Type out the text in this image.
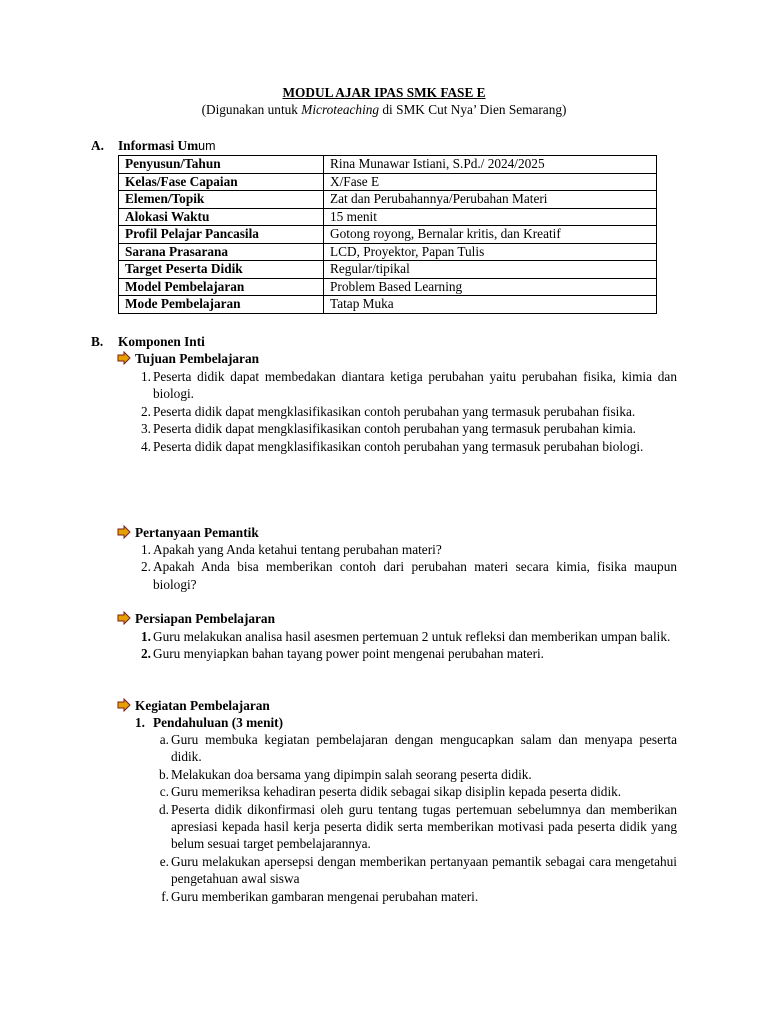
MODUL AJAR IPAS SMK FASE E
(Digunakan untuk Microteaching di SMK Cut Nya’ Dien Semarang)
A. Informasi Umum
Penyusun/Tahun	Rina Munawar Istiani, S.Pd./ 2024/2025
Kelas/Fase Capaian	X/Fase E
Elemen/Topik	Zat dan Perubahannya/Perubahan Materi
Alokasi Waktu	15 menit
Profil Pelajar Pancasila	Gotong royong, Bernalar kritis, dan Kreatif
Sarana Prasarana	LCD, Proyektor, Papan Tulis
Target Peserta Didik	Regular/tipikal
Model Pembelajaran	Problem Based Learning
Mode Pembelajaran	Tatap Muka
B. Komponen Inti
Tujuan Pembelajaran
1. Peserta didik dapat membedakan diantara ketiga perubahan yaitu perubahan fisika, kimia dan biologi.
2. Peserta didik dapat mengklasifikasikan contoh perubahan yang termasuk perubahan fisika.
3. Peserta didik dapat mengklasifikasikan contoh perubahan yang termasuk perubahan kimia.
4. Peserta didik dapat mengklasifikasikan contoh perubahan yang termasuk perubahan biologi.
Pertanyaan Pemantik
1. Apakah yang Anda ketahui tentang perubahan materi?
2. Apakah Anda bisa memberikan contoh dari perubahan materi secara kimia, fisika maupun biologi?
Persiapan Pembelajaran
1. Guru melakukan analisa hasil asesmen pertemuan 2 untuk refleksi dan memberikan umpan balik.
2. Guru menyiapkan bahan tayang power point mengenai perubahan materi.
Kegiatan Pembelajaran
1. Pendahuluan (3 menit)
a. Guru membuka kegiatan pembelajaran dengan mengucapkan salam dan menyapa peserta didik.
b. Melakukan doa bersama yang dipimpin salah seorang peserta didik.
c. Guru memeriksa kehadiran peserta didik sebagai sikap disiplin kepada peserta didik.
d. Peserta didik dikonfirmasi oleh guru tentang tugas pertemuan sebelumnya dan memberikan apresiasi kepada hasil kerja peserta didik serta memberikan motivasi pada peserta didik yang belum sesuai target pembelajarannya.
e. Guru melakukan apersepsi dengan memberikan pertanyaan pemantik sebagai cara mengetahui pengetahuan awal siswa
f. Guru memberikan gambaran mengenai perubahan materi.
